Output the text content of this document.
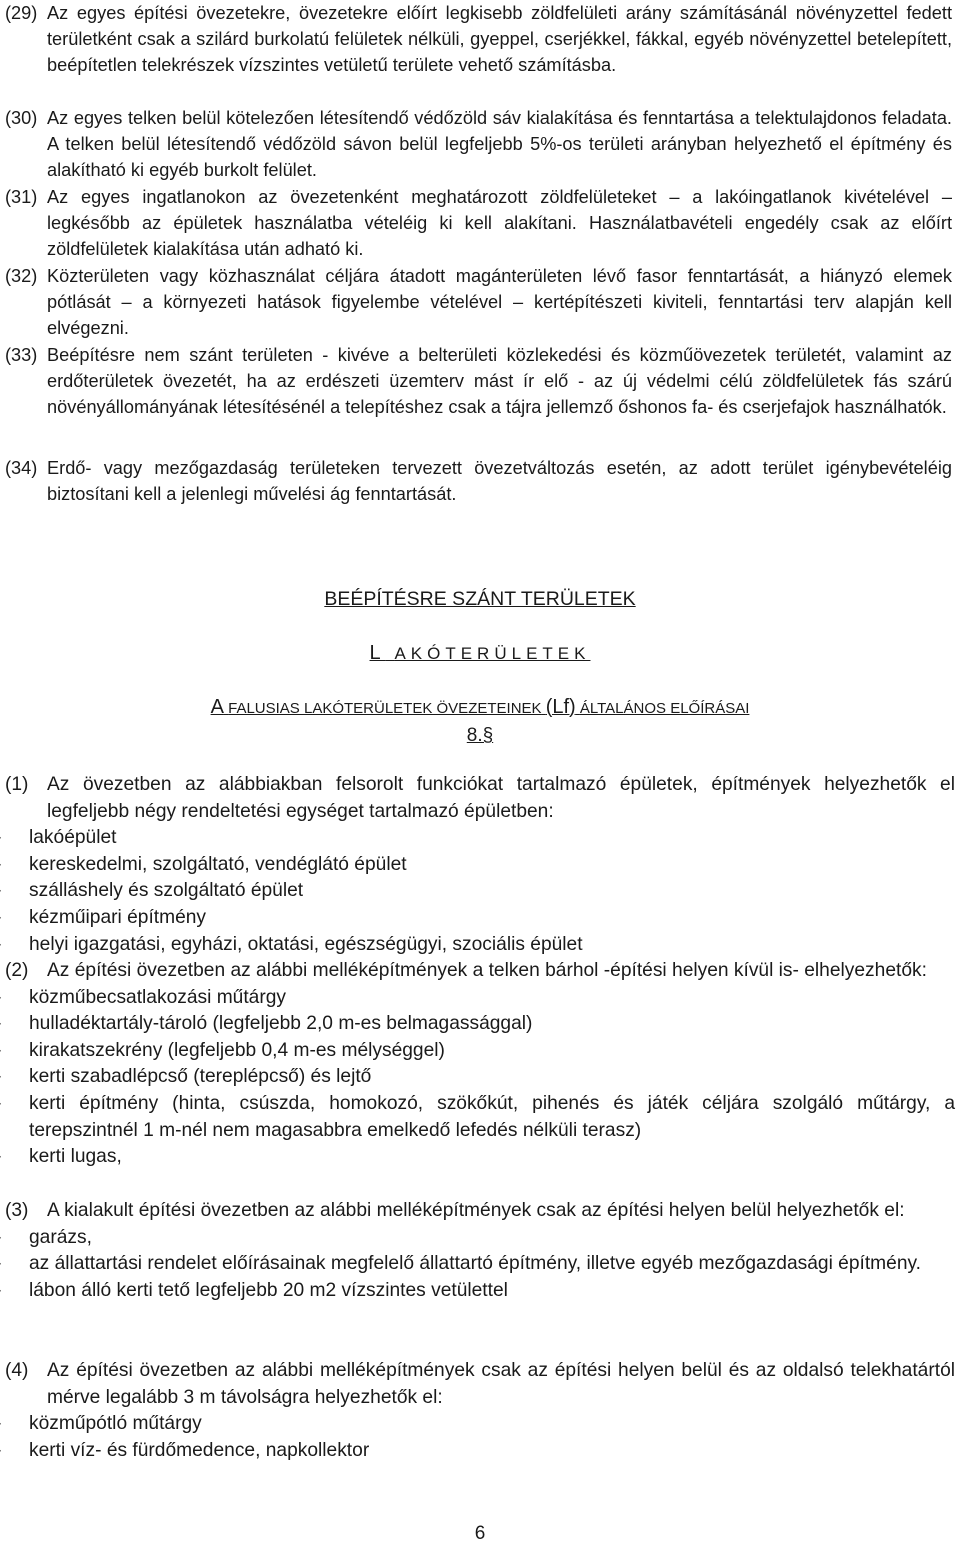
(29) Az egyes építési övezetekre, övezetekre előírt legkisebb zöldfelületi arány számításánál növényzettel fedett területként csak a szilárd burkolatú felületek nélküli, gyeppel, cserjékkel, fákkal, egyéb növényzettel betelepített, beépítetlen telekrészek vízszintes vetületű területe vehető számításba.
(30) Az egyes telken belül kötelezően létesítendő védőzöld sáv kialakítása és fenntartása a telektulajdonos feladata. A telken belül létesítendő védőzöld sávon belül legfeljebb 5%-os területi arányban helyezhető el építmény és alakítható ki egyéb burkolt felület.
(31) Az egyes ingatlanokon az övezetenként meghatározott zöldfelületeket – a lakóingatlanok kivételével – legkésőbb az épületek használatba vételéig ki kell alakítani. Használatbavételi engedély csak az előírt zöldfelületek kialakítása után adható ki.
(32) Közterületen vagy közhasználat céljára átadott magánterületen lévő fasor fenntartását, a hiányzó elemek pótlását – a környezeti hatások figyelembe vételével – kertépítészeti kiviteli, fenntartási terv alapján kell elvégezni.
(33) Beépítésre nem szánt területen - kivéve a belterületi közlekedési és közműövezetek területét, valamint az erdőterületek övezetét, ha az erdészeti üzemterv mást ír elő - az új védelmi célú zöldfelületek fás szárú növényállományának létesítésénél a telepítéshez csak a tájra jellemző őshonos fa- és cserjefajok használhatók.
(34) Erdő- vagy mezőgazdaság területeken tervezett övezetváltozás esetén, az adott terület igénybevételéig biztosítani kell a jelenlegi művelési ág fenntartását.
BEÉPÍTÉSRE SZÁNT TERÜLETEK
L AKÓTERÜLETEK
A FALUSIAS LAKÓTERÜLETEK ÖVEZETEINEK (Lf) ÁLTALÁNOS ELŐÍRÁSAI
8.§
(1) Az övezetben az alábbiakban felsorolt funkciókat tartalmazó épületek, építmények helyezhetők el legfeljebb négy rendeltetési egységet tartalmazó épületben:
lakóépület
kereskedelmi, szolgáltató, vendéglátó épület
szálláshely és szolgáltató épület
kézműipari építmény
helyi igazgatási, egyházi, oktatási, egészségügyi, szociális épület
(2) Az építési övezetben az alábbi melléképítmények a telken bárhol -építési helyen kívül is- elhelyezhetők:
közműbecsatlakozási műtárgy
hulladéktartály-tároló (legfeljebb 2,0 m-es belmagassággal)
kirakatszekrény (legfeljebb 0,4 m-es mélységgel)
kerti szabadlépcső (tereplépcső) és lejtő
kerti építmény (hinta, csúszda, homokozó, szökőkút, pihenés és játék céljára szolgáló műtárgy, a terepszintnél 1 m-nél nem magasabbra emelkedő lefedés nélküli terasz)
kerti lugas,
(3) A kialakult építési övezetben az alábbi melléképítmények csak az építési helyen belül helyezhetők el:
garázs,
az állattartási rendelet előírásainak megfelelő állattartó építmény, illetve egyéb mezőgazdasági építmény.
lábon álló kerti tető legfeljebb 20 m2 vízszintes vetülettel
(4) Az építési övezetben az alábbi melléképítmények csak az építési helyen belül és az oldalsó telekhatártól mérve legalább 3 m távolságra helyezhetők el:
közműpótló műtárgy
kerti víz- és fürdőmedence, napkollektor
6
